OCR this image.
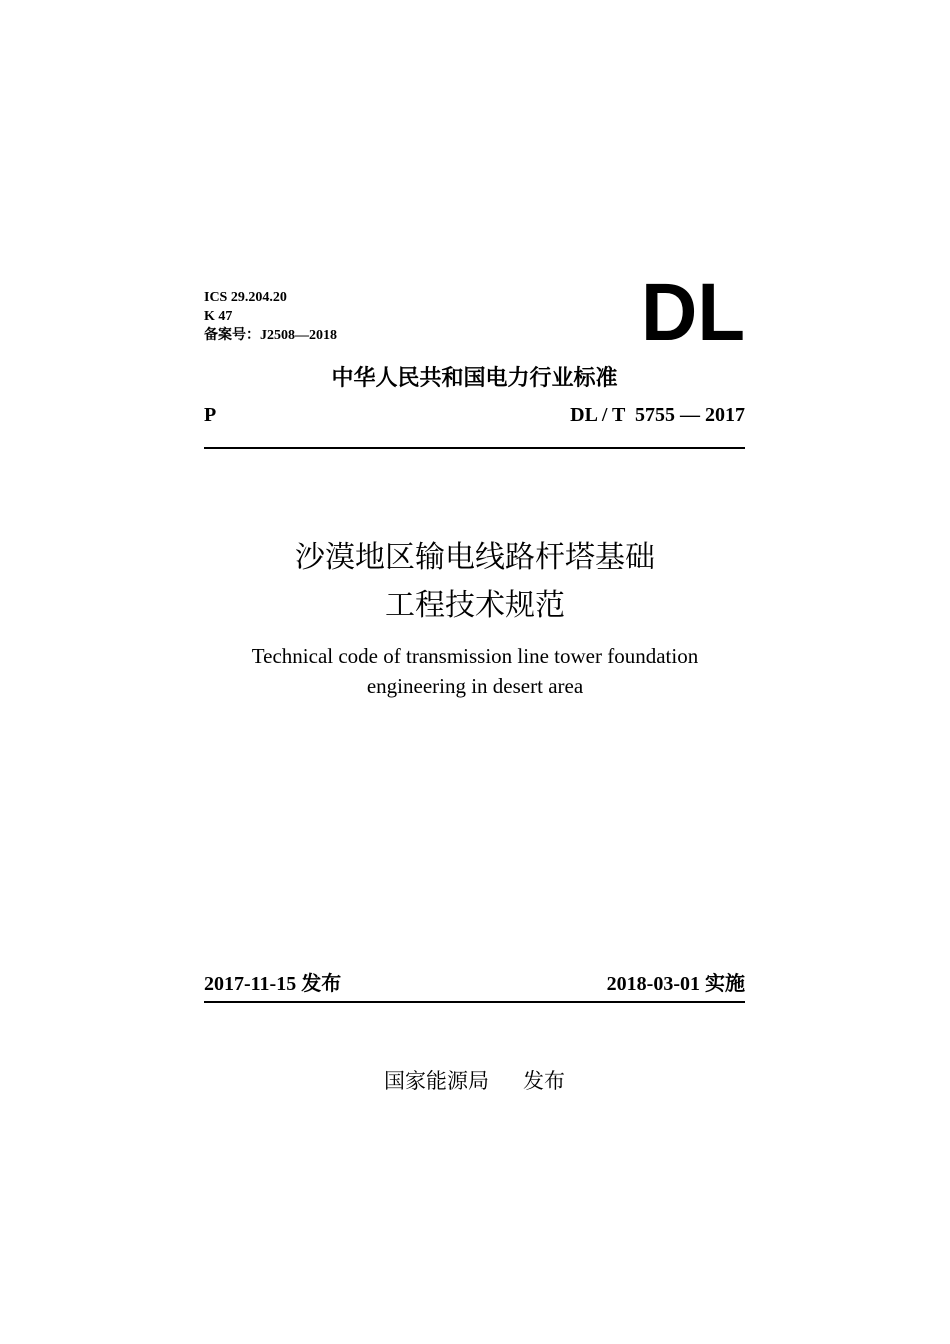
ICS 29.204.20
K 47
备案号：J2508—2018	DL
中华人民共和国电力行业标准
P	DL / T  5755 — 2017
沙漠地区输电线路杆塔基础
工程技术规范
Technical code of transmission line tower foundation
engineering in desert area
2017-11-15 发布	2018-03-01 实施
国家能源局 发布
